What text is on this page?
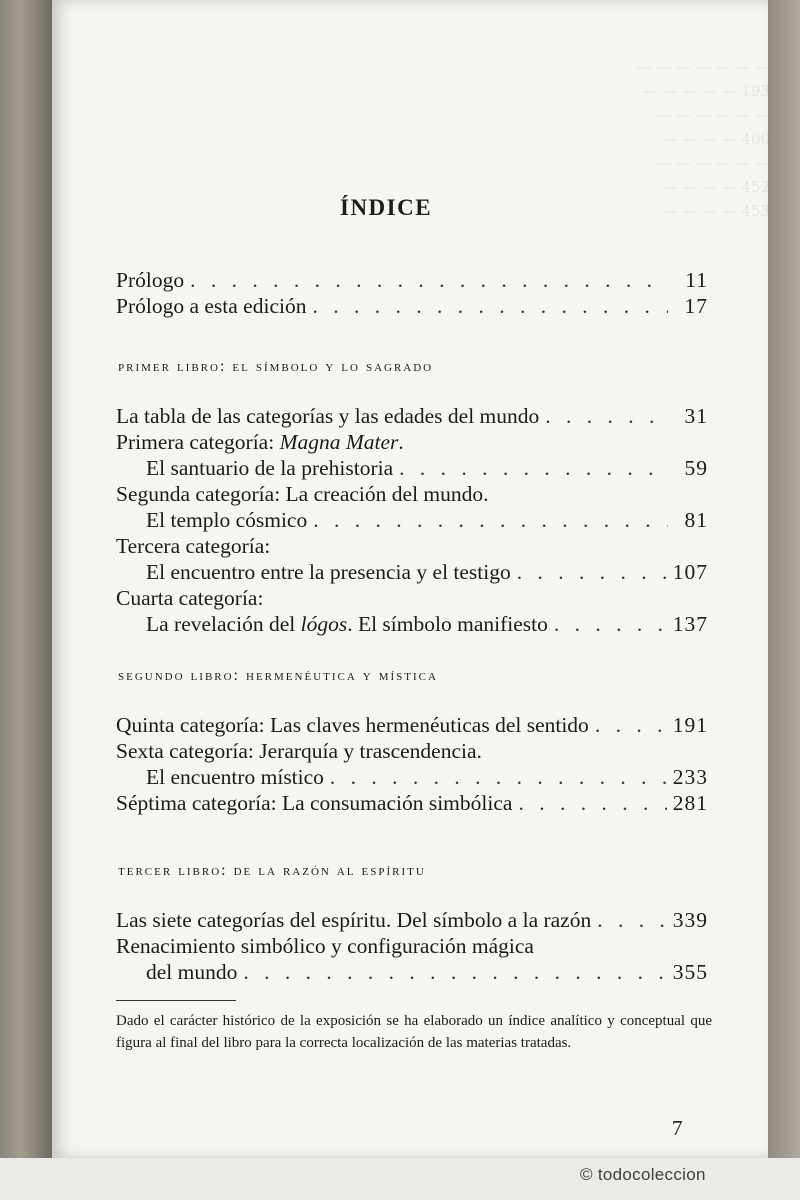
— — — — — — —
— — — — — 193
— — — — — —
— — — — 400
— — — — — —
— — — — 452
— — — — 453
ÍNDICE
Prólogo . . .	11
Prólogo a esta edición . . .	17
primer libro: el símbolo y lo sagrado
La tabla de las categorías y las edades del mundo . . .	31
Primera categoría: Magna Mater.
El santuario de la prehistoria . . .	59
Segunda categoría: La creación del mundo.
El templo cósmico . . .	81
Tercera categoría:
El encuentro entre la presencia y el testigo . . .	107
Cuarta categoría:
La revelación del lógos. El símbolo manifiesto . . .	137
segundo libro: hermenéutica y mística
Quinta categoría: Las claves hermenéuticas del sentido . . .	191
Sexta categoría: Jerarquía y trascendencia.
El encuentro místico . . .	233
Séptima categoría: La consumación simbólica . . .	281
tercer libro: de la razón al espíritu
Las siete categorías del espíritu. Del símbolo a la razón . . .	339
Renacimiento simbólico y configuración mágica
del mundo . . .	355
Dado el carácter histórico de la exposición se ha elaborado un índice analítico y conceptual que figura al final del libro para la correcta localización de las materias tratadas.
7
© todocoleccion
